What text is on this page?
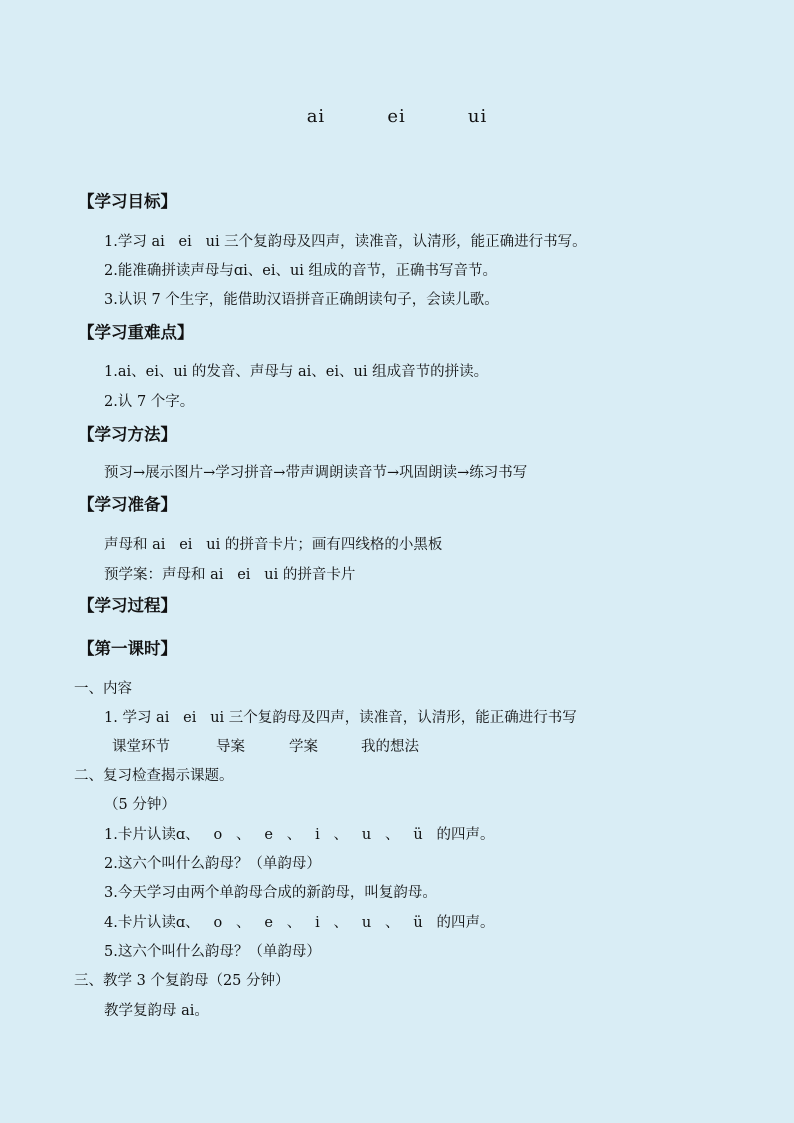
ai   ei   ui
【学习目标】
1.学习 ai   ei   ui 三个复韵母及四声，读准音，认清形，能正确进行书写。
2.能准确拼读声母与ɑi、ei、ui 组成的音节，正确书写音节。
3.认识 7 个生字，能借助汉语拼音正确朗读句子，会读儿歌。
【学习重难点】
1.ai、ei、ui 的发音、声母与 ai、ei、ui 组成音节的拼读。
2.认 7 个字。
【学习方法】
预习→展示图片→学习拼音→带声调朗读音节→巩固朗读→练习书写
【学习准备】
声母和 ai   ei   ui 的拼音卡片；画有四线格的小黑板
预学案：声母和 ai   ei   ui 的拼音卡片
【学习过程】
【第一课时】
一、内容
1. 学习 ai   ei   ui 三个复韵母及四声，读准音，认清形，能正确进行书写
课堂环节	导案	学案	我的想法
二、复习检查揭示课题。
（5 分钟）
1.卡片认读ɑ、   o   、   e   、   i   、   u   、   ü   的四声。
2.这六个叫什么韵母？（单韵母）
3.今天学习由两个单韵母合成的新韵母，叫复韵母。
4.卡片认读ɑ、   o   、   e   、   i   、   u   、   ü   的四声。
5.这六个叫什么韵母？（单韵母）
三、教学 3 个复韵母（25 分钟）
教学复韵母 ai。
